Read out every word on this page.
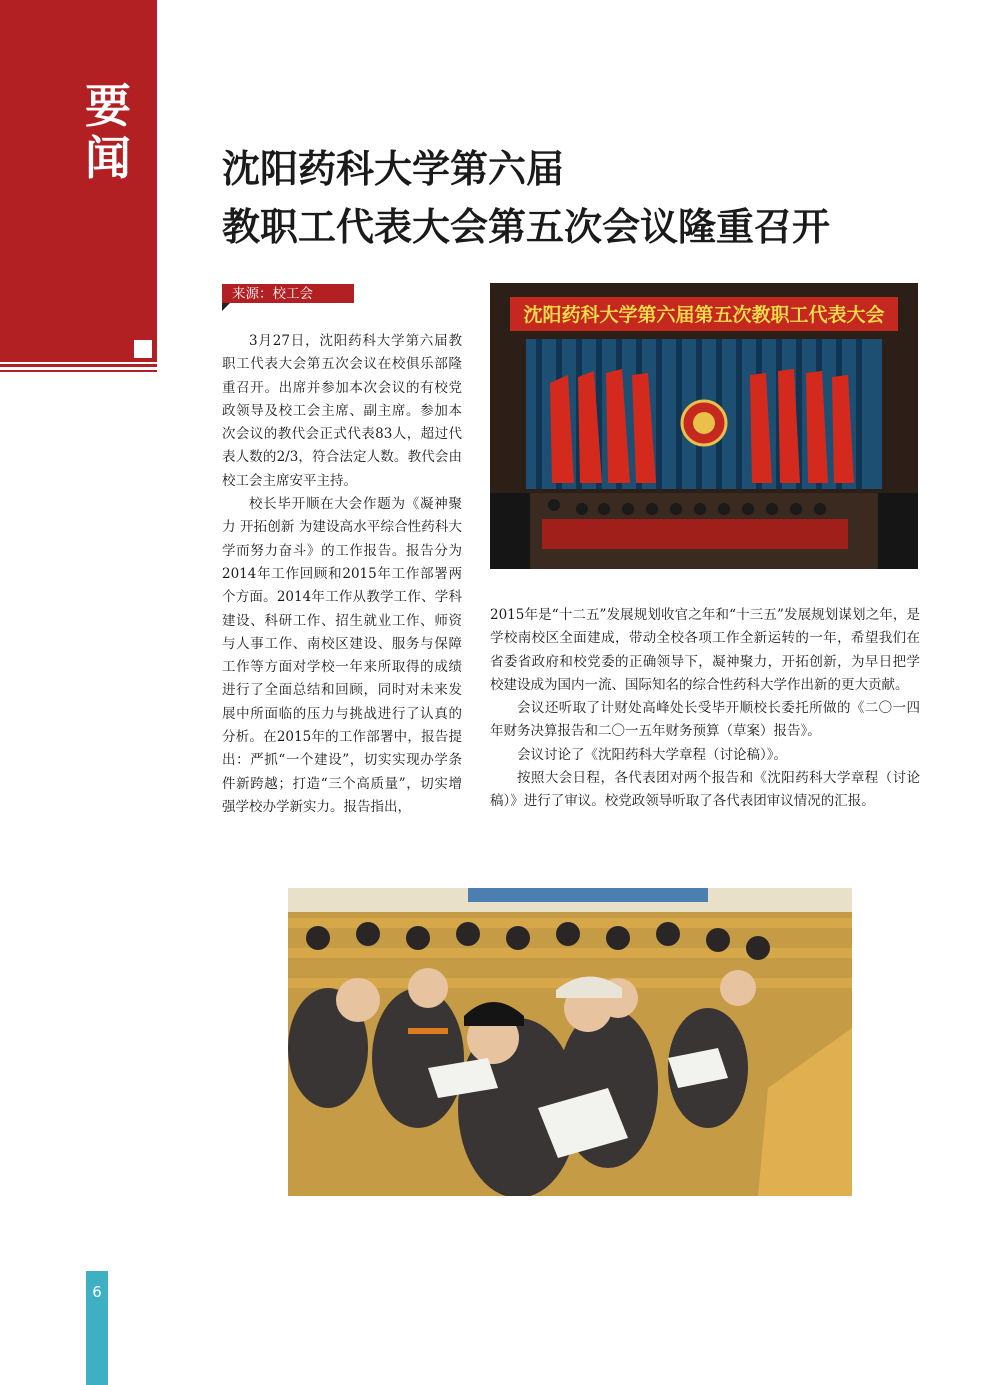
要闻 沈阳药科大学第六届
教职工代表大会第五次会议隆重召开
来源：校工会

3月27日，沈阳药科大学第六届教职工代表大会第五次会议在校俱乐部隆重召开。出席并参加本次会议的有校党政领导及校工会主席、副主席。参加本次会议的教代会正式代表83人，超过代表人数的2/3，符合法定人数。教代会由校工会主席安平主持。

校长毕开顺在大会作题为《凝神聚力 开拓创新 为建设高水平综合性药科大学而努力奋斗》的工作报告。报告分为2014年工作回顾和2015年工作部署两个方面。2014年工作从教学工作、学科建设、科研工作、招生就业工作、师资与人事工作、南校区建设、服务与保障工作等方面对学校一年来所取得的成绩进行了全面总结和回顾，同时对未来发展中所面临的压力与挑战进行了认真的分析。在2015年的工作部署中，报告提出：严抓“一个建设”，切实实现办学条件新跨越；打造“三个高质量”，切实增强学校办学新实力。报告指出，

2015年是“十二五”发展规划收官之年和“十三五”发展规划谋划之年，是学校南校区全面建成，带动全校各项工作全新运转的一年，希望我们在省委省政府和校党委的正确领导下，凝神聚力，开拓创新，为早日把学校建设成为国内一流、国际知名的综合性药科大学作出新的更大贡献。

会议还听取了计财处高峰处长受毕开顺校长委托所做的《二〇一四年财务决算报告和二〇一五年财务预算（草案）报告》。

会议讨论了《沈阳药科大学章程（讨论稿）》。

按照大会日程，各代表团对两个报告和《沈阳药科大学章程（讨论稿）》进行了审议。校党政领导听取了各代表团审议情况的汇报。

沈阳药科大学第六届第五次教职工代表大会
6
